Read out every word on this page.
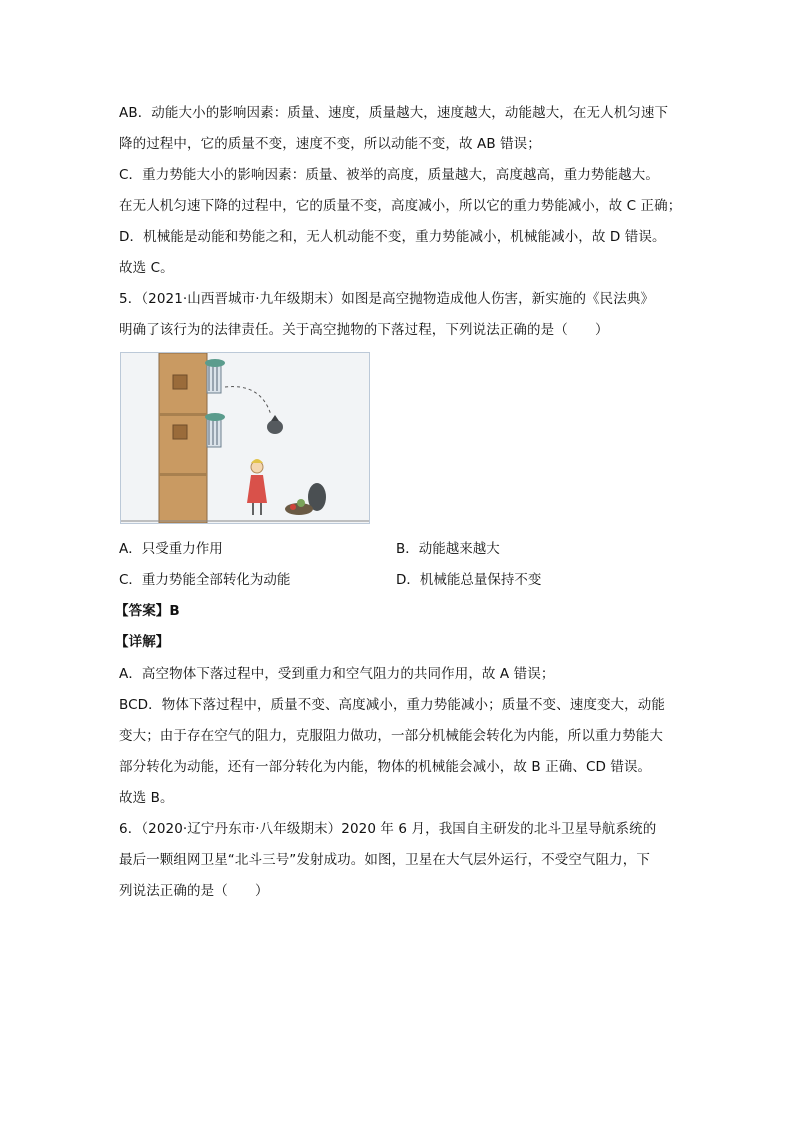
AB．动能大小的影响因素：质量、速度，质量越大，速度越大，动能越大，在无人机匀速下
降的过程中，它的质量不变，速度不变，所以动能不变，故 AB 错误；
C．重力势能大小的影响因素：质量、被举的高度，质量越大，高度越高，重力势能越大。
在无人机匀速下降的过程中，它的质量不变，高度减小，所以它的重力势能减小，故 C 正确；
D．机械能是动能和势能之和，无人机动能不变，重力势能减小，机械能减小，故 D 错误。
故选 C。
5．（2021·山西晋城市·九年级期末）如图是高空抛物造成他人伤害，新实施的《民法典》
明确了该行为的法律责任。关于高空抛物的下落过程，下列说法正确的是（　　）
A．只受重力作用	B．动能越来越大
C．重力势能全部转化为动能	D．机械能总量保持不变
【答案】B
【详解】
A．高空物体下落过程中，受到重力和空气阻力的共同作用，故 A 错误；
BCD．物体下落过程中，质量不变、高度减小，重力势能减小；质量不变、速度变大，动能
变大；由于存在空气的阻力，克服阻力做功，一部分机械能会转化为内能，所以重力势能大
部分转化为动能，还有一部分转化为内能，物体的机械能会减小，故 B 正确、CD 错误。
故选 B。
6．（2020·辽宁丹东市·八年级期末）2020 年 6 月，我国自主研发的北斗卫星导航系统的
最后一颗组网卫星“北斗三号”发射成功。如图，卫星在大气层外运行，不受空气阻力，下
列说法正确的是（　　）
